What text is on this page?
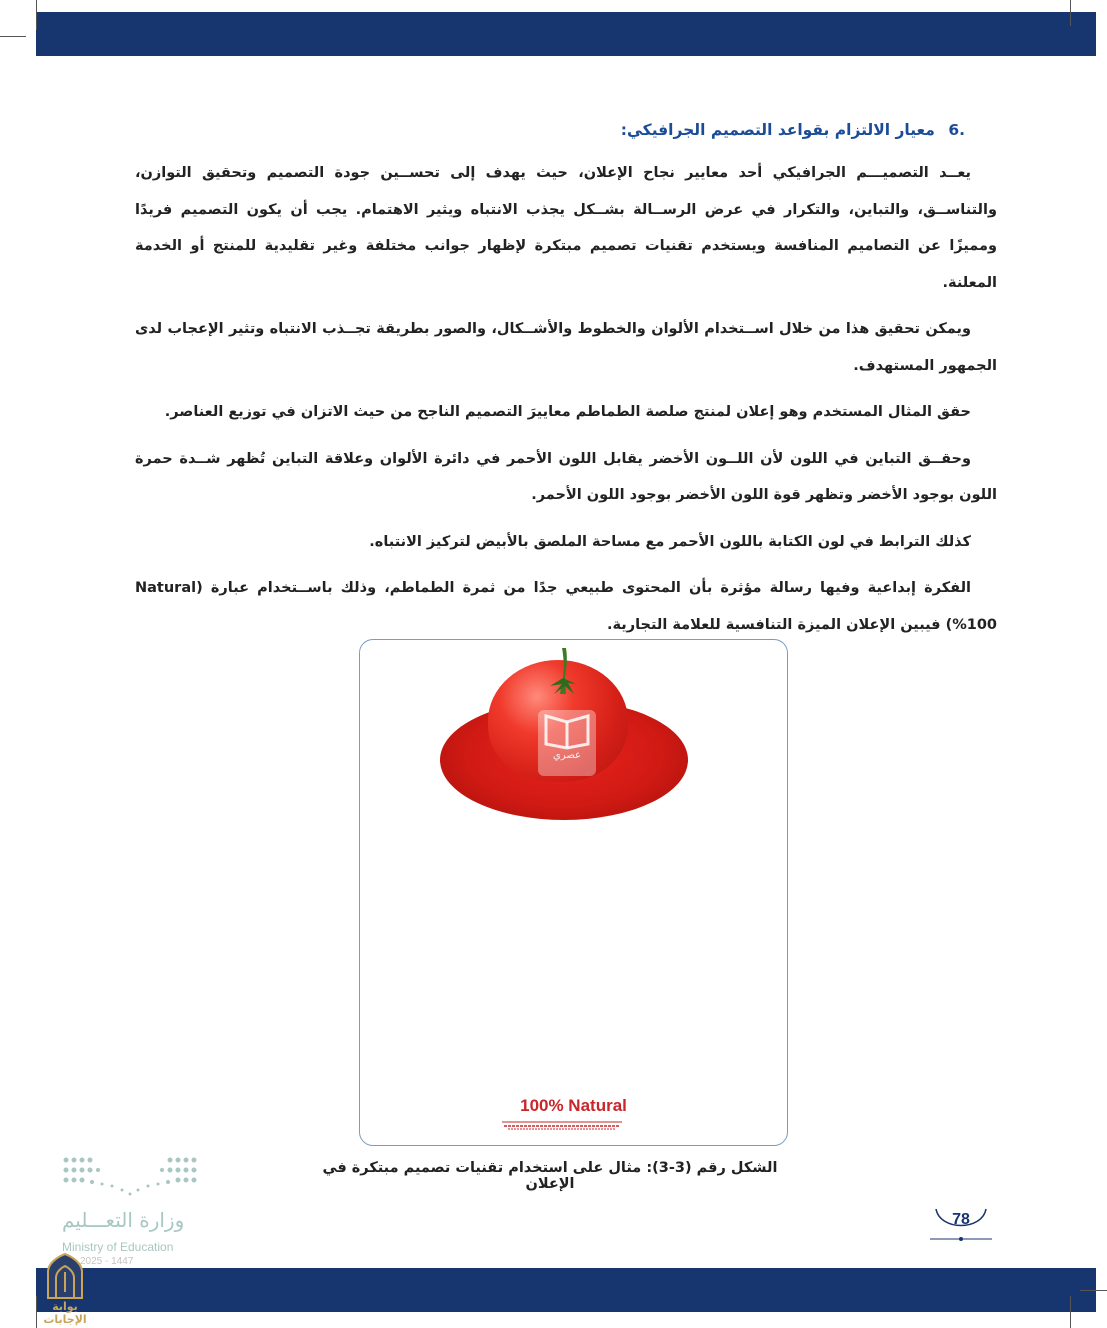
.6 معيار الالتزام بقواعد التصميم الجرافيكي:

يعــد التصميـــم الجرافيكي أحد معايير نجاح الإعلان، حيث يهدف إلى تحســين جودة التصميم وتحقيق التوازن، والتناســق، والتباين، والتكرار في عرض الرســالة بشــكل يجذب الانتباه ويثير الاهتمام. يجب أن يكون التصميم فريدًا ومميزًا عن التصاميم المنافسة ويستخدم تقنيات تصميم مبتكرة لإظهار جوانب مختلفة وغير تقليدية للمنتج أو الخدمة المعلنة.

ويمكن تحقيق هذا من خلال اســتخدام الألوان والخطوط والأشــكال، والصور بطريقة تجــذب الانتباه وتثير الإعجاب لدى الجمهور المستهدف.

حقق المثال المستخدم وهو إعلان لمنتج صلصة الطماطم معاييرَ التصميم الناجح من حيث الاتزان في توزيع العناصر.

وحقــق التباين في اللون لأن اللــون الأخضر يقابل اللون الأحمر في دائرة الألوان وعلاقة التباين تُظهر شــدة حمرة اللون بوجود الأخضر وتظهر قوة اللون الأخضر بوجود اللون الأحمر.

كذلك الترابط في لون الكتابة باللون الأحمر مع مساحة الملصق بالأبيض لتركيز الانتباه.

الفكرة إبداعية وفيها رسالة مؤثرة بأن المحتوى طبيعي جدًا من ثمرة الطماطم، وذلك باســتخدام عبارة (Natural %100) فيبين الإعلان الميزة التنافسية للعلامة التجارية.

عصري
100% Natural
الشكل رقم (3-3): مثال على استخدام تقنيات تصميم مبتكرة في الإعلان
78
وزارة التعـــليم
Ministry of Education
2025 - 1447
بوابة الإجابات
